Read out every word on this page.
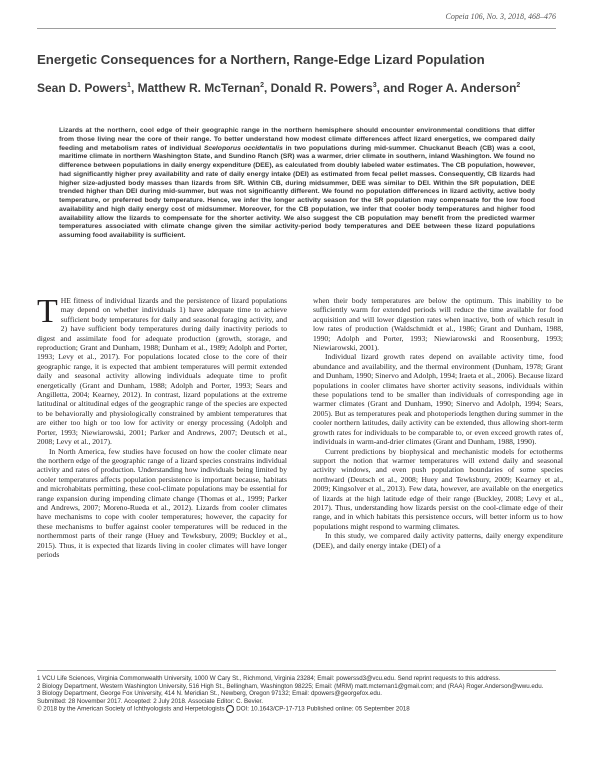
Copeia 106, No. 3, 2018, 468–476
Energetic Consequences for a Northern, Range-Edge Lizard Population
Sean D. Powers$^1$, Matthew R. McTernan$^2$, Donald R. Powers$^3$, and Roger A. Anderson$^2$
Lizards at the northern, cool edge of their geographic range in the northern hemisphere should encounter environmental conditions that differ from those living near the core of their range. To better understand how modest climate differences affect lizard energetics, we compared daily feeding and metabolism rates of individual Sceloporus occidentalis in two populations during mid-summer. Chuckanut Beach (CB) was a cool, maritime climate in northern Washington State, and Sundino Ranch (SR) was a warmer, drier climate in southern, inland Washington. We found no difference between populations in daily energy expenditure (DEE), as calculated from doubly labeled water estimates. The CB population, however, had significantly higher prey availability and rate of daily energy intake (DEI) as estimated from fecal pellet masses. Consequently, CB lizards had higher size-adjusted body masses than lizards from SR. Within CB, during midsummer, DEE was similar to DEI. Within the SR population, DEE trended higher than DEI during mid-summer, but was not significantly different. We found no population differences in lizard activity, active body temperature, or preferred body temperature. Hence, we infer the longer activity season for the SR population may compensate for the low food availability and high daily energy cost of midsummer. Moreover, for the CB population, we infer that cooler body temperatures and higher food availability allow the lizards to compensate for the shorter activity. We also suggest the CB population may benefit from the predicted warmer temperatures associated with climate change given the similar activity-period body temperatures and DEE between these lizard populations assuming food availability is sufficient.

THE fitness of individual lizards and the persistence of lizard populations may depend on whether individuals 1) have adequate time to achieve sufficient body temperatures for daily and seasonal foraging activity, and 2) have sufficient body temperatures during daily inactivity periods to digest and assimilate food for adequate production (growth, storage, and reproduction; Grant and Dunham, 1988; Dunham et al., 1989; Adolph and Porter, 1993; Levy et al., 2017). For populations located close to the core of their geographic range, it is expected that ambient temperatures will permit extended daily and seasonal activity allowing individuals adequate time to profit energetically (Grant and Dunham, 1988; Adolph and Porter, 1993; Sears and Angilletta, 2004; Kearney, 2012). In contrast, lizard populations at the extreme latitudinal or altitudinal edges of the geographic range of the species are expected to be behaviorally and physiologically constrained by ambient temperatures that are either too high or too low for activity or energy processing (Adolph and Porter, 1993; Niewiarowski, 2001; Parker and Andrews, 2007; Deutsch et al., 2008; Levy et al., 2017).

In North America, few studies have focused on how the cooler climate near the northern edge of the geographic range of a lizard species constrains individual activity and rates of production. Understanding how individuals being limited by cooler temperatures affects population persistence is important because, habitats and microhabitats permitting, these cool-climate populations may be essential for range expansion during impending climate change (Thomas et al., 1999; Parker and Andrews, 2007; Moreno-Rueda et al., 2012). Lizards from cooler climates have mechanisms to cope with cooler temperatures; however, the capacity for these mechanisms to buffer against cooler temperatures will be reduced in the northernmost parts of their range (Huey and Tewksbury, 2009; Buckley et al., 2015). Thus, it is expected that lizards living in cooler climates will have longer periods

when their body temperatures are below the optimum. This inability to be sufficiently warm for extended periods will reduce the time available for food acquisition and will lower digestion rates when inactive, both of which result in low rates of production (Waldschmidt et al., 1986; Grant and Dunham, 1988, 1990; Adolph and Porter, 1993; Niewiarowski and Roosenburg, 1993; Niewiarowski, 2001).

Individual lizard growth rates depend on available activity time, food abundance and availability, and the thermal environment (Dunham, 1978; Grant and Dunham, 1990; Sinervo and Adolph, 1994; Iraeta et al., 2006). Because lizard populations in cooler climates have shorter activity seasons, individuals within these populations tend to be smaller than individuals of corresponding age in warmer climates (Grant and Dunham, 1990; Sinervo and Adolph, 1994; Sears, 2005). But as temperatures peak and photoperiods lengthen during summer in the cooler northern latitudes, daily activity can be extended, thus allowing short-term growth rates for individuals to be comparable to, or even exceed growth rates of, individuals in warm-and-drier climates (Grant and Dunham, 1988, 1990).

Current predictions by biophysical and mechanistic models for ectotherms support the notion that warmer temperatures will extend daily and seasonal activity windows, and even push population boundaries of some species northward (Deutsch et al., 2008; Huey and Tewksbury, 2009; Kearney et al., 2009; Kingsolver et al., 2013). Few data, however, are available on the energetics of lizards at the high latitude edge of their range (Buckley, 2008; Levy et al., 2017). Thus, understanding how lizards persist on the cool-climate edge of their range, and in which habitats this persistence occurs, will better inform us to how populations might respond to warming climates.

In this study, we compared daily activity patterns, daily energy expenditure (DEE), and daily energy intake (DEI) of a

1 VCU Life Sciences, Virginia Commonwealth University, 1000 W Cary St., Richmond, Virginia 23284; Email: powerssd3@vcu.edu. Send reprint requests to this address.

2 Biology Department, Western Washington University, 516 High St., Bellingham, Washington 98225; Email: (MRM) matt.mcternan1@gmail.com; and (RAA) Roger.Anderson@wwu.edu.

3 Biology Department, George Fox University, 414 N. Meridian St., Newberg, Oregon 97132; Email: dpowers@georgefox.edu.

Submitted: 28 November 2017. Accepted: 2 July 2018. Associate Editor: C. Bevier.

© 2018 by the American Society of Ichthyologists and Herpetologists DOI: 10.1643/CP-17-713 Published online: 05 September 2018
